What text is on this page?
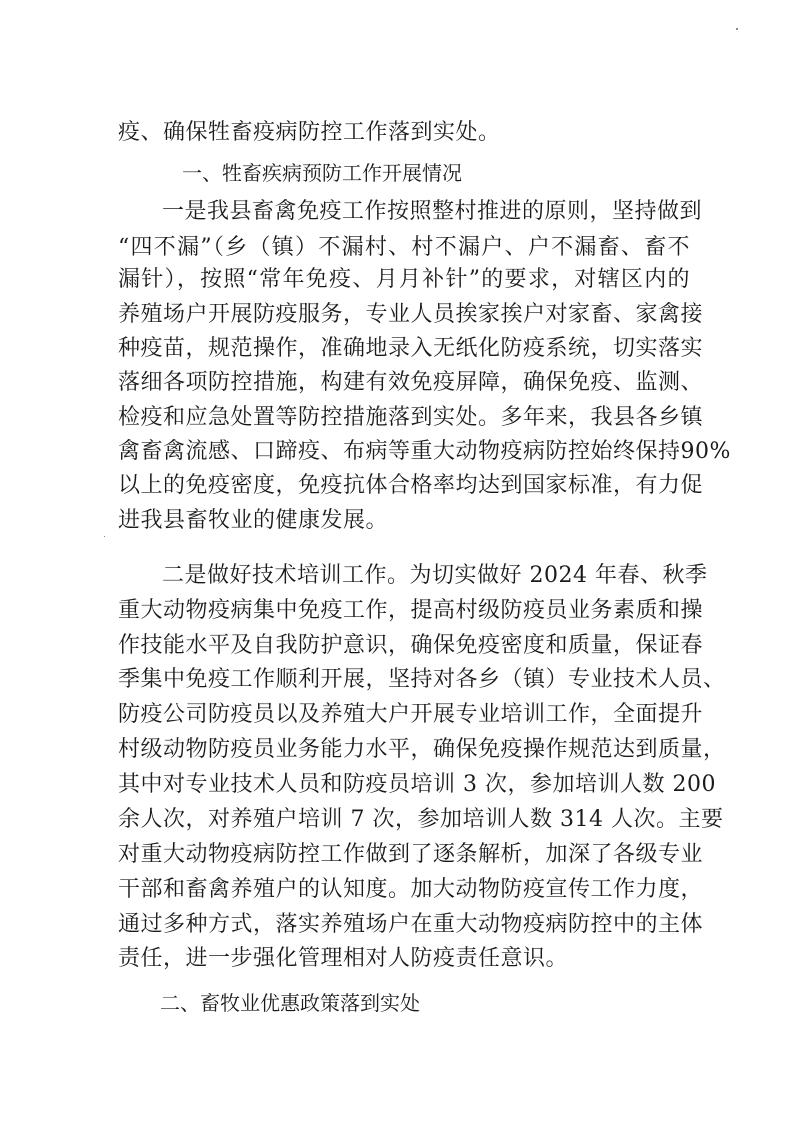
疫、确保牲畜疫病防控工作落到实处。
一、牲畜疾病预防工作开展情况
一是我县畜禽免疫工作按照整村推进的原则，坚持做到
“四不漏”（乡（镇）不漏村、村不漏户、户不漏畜、畜不
漏针），按照“常年免疫、月月补针”的要求，对辖区内的
养殖场户开展防疫服务，专业人员挨家挨户对家畜、家禽接
种疫苗，规范操作，准确地录入无纸化防疫系统，切实落实
落细各项防控措施，构建有效免疫屏障，确保免疫、监测、
检疫和应急处置等防控措施落到实处。多年来，我县各乡镇
禽畜禽流感、口蹄疫、布病等重大动物疫病防控始终保持90%
以上的免疫密度，免疫抗体合格率均达到国家标准，有力促
进我县畜牧业的健康发展。
二是做好技术培训工作。为切实做好 2024 年春、秋季
重大动物疫病集中免疫工作，提高村级防疫员业务素质和操
作技能水平及自我防护意识，确保免疫密度和质量，保证春
季集中免疫工作顺利开展，坚持对各乡（镇）专业技术人员、
防疫公司防疫员以及养殖大户开展专业培训工作，全面提升
村级动物防疫员业务能力水平，确保免疫操作规范达到质量，
其中对专业技术人员和防疫员培训 3 次，参加培训人数 200
余人次，对养殖户培训 7 次，参加培训人数 314 人次。主要
对重大动物疫病防控工作做到了逐条解析，加深了各级专业
干部和畜禽养殖户的认知度。加大动物防疫宣传工作力度，
通过多种方式，落实养殖场户在重大动物疫病防控中的主体
责任，进一步强化管理相对人防疫责任意识。
二、畜牧业优惠政策落到实处
